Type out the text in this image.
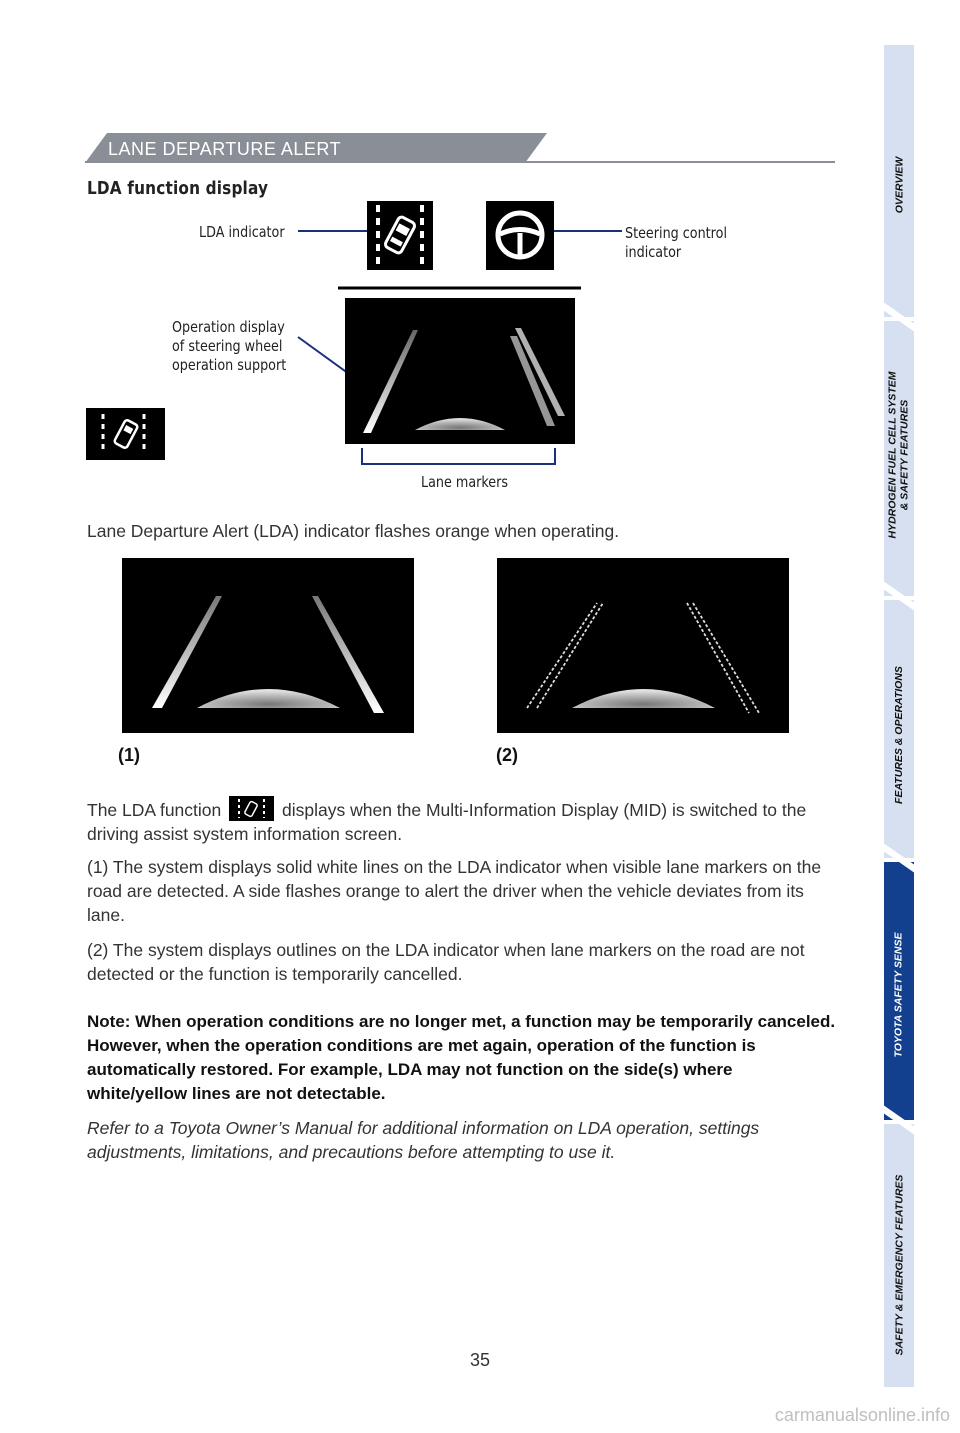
LANE DEPARTURE ALERT
LDA function display
LDA indicator	Steering control
indicator
Operation display
of steering wheel
operation support
Lane markers
Lane Departure Alert (LDA) indicator flashes orange when operating.
(1)	(2)
The LDA function	displays when the Multi-Information Display (MID) is switched to the driving assist system information screen.
(1) The system displays solid white lines on the LDA indicator when visible lane markers on the road are detected. A side flashes orange to alert the driver when the vehicle deviates from its lane.
(2) The system displays outlines on the LDA indicator when lane markers on the road are not detected or the function is temporarily cancelled.
Note: When operation conditions are no longer met, a function may be temporarily canceled. However, when the operation conditions are met again, operation of the function is automatically restored. For example, LDA may not function on the side(s) where white/yellow lines are not detectable.
Refer to a Toyota Owner’s Manual for additional information on LDA operation, settings adjustments, limitations, and precautions before attempting to use it.
35
carmanualsonline.info
OVERVIEW
HYDROGEN FUEL CELL SYSTEM
& SAFETY FEATURES
FEATURES & OPERATIONS
TOYOTA SAFETY SENSE
SAFETY & EMERGENCY FEATURES
